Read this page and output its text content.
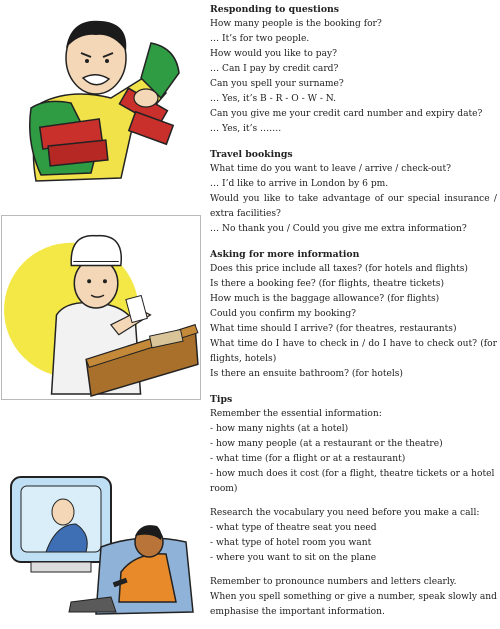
Responding to questions

How many people is the booking for?

… It’s for two people.

How would you like to pay?

… Can I pay by credit card?

Can you spell your surname?

… Yes, it’s B - R - O - W - N.

Can you give me your credit card number and expiry date?

… Yes, it’s …….

Travel bookings

What time do you want to leave / arrive / check-out?

… I’d like to arrive in London by 6 pm.

Would you like to take advantage of our special insurance / extra facilities?

… No thank you / Could you give me extra information?

Asking for more information

Does this price include all taxes? (for hotels and flights)

Is there a booking fee? (for flights, theatre tickets)

How much is the baggage allowance? (for flights)

Could you confirm my booking?

What time should I arrive? (for theatres, restaurants)

What time do I have to check in / do I have to check out? (for flights, hotels)

Is there an ensuite bathroom? (for hotels)

Tips

Remember the essential information:

- how many nights (at a hotel)

- how many people (at a restaurant or the theatre)

- what time (for a flight or at a restaurant)

- how much does it cost (for a flight, theatre tickets or a hotel room)

Research the vocabulary you need before you make a call:

- what type of theatre seat you need

- what type of hotel room you want

- where you want to sit on the plane

Remember to pronounce numbers and letters clearly.

When you spell something or give a number, speak slowly and emphasise the important information.
